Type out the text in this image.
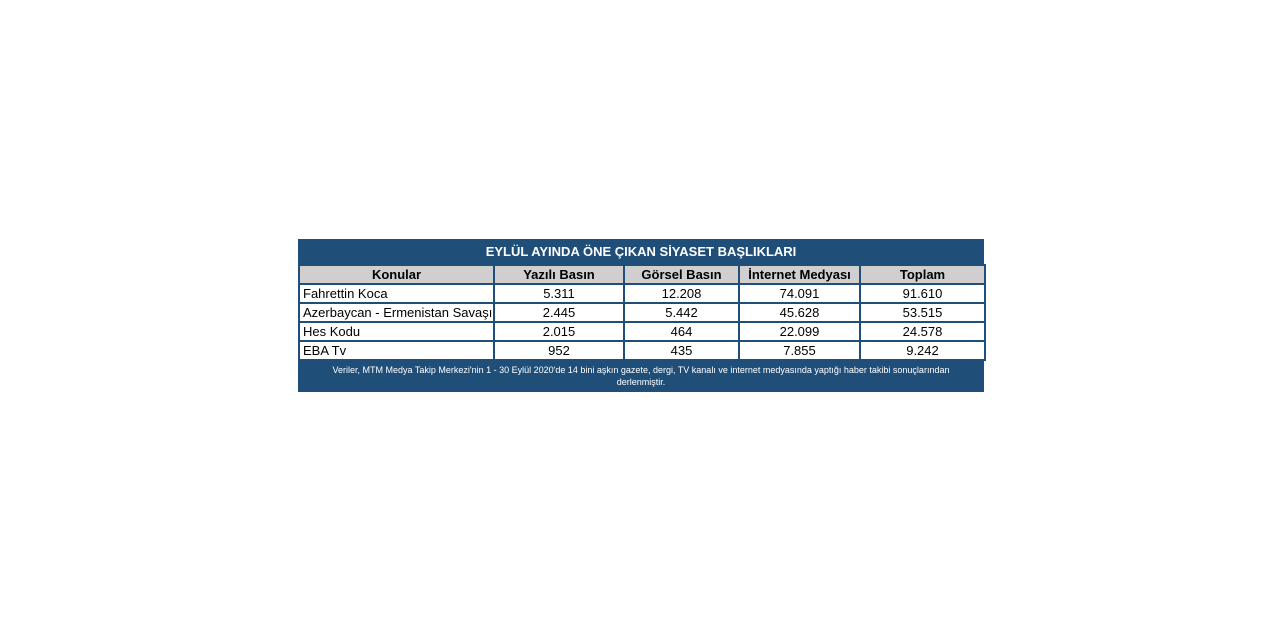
EYLÜL AYINDA ÖNE ÇIKAN SİYASET BAŞLIKLARI
Konular	Yazılı Basın	Görsel Basın	İnternet Medyası	Toplam
Fahrettin Koca	5.311	12.208	74.091	91.610
Azerbaycan - Ermenistan Savaşı	2.445	5.442	45.628	53.515
Hes Kodu	2.015	464	22.099	24.578
EBA Tv	952	435	7.855	9.242
Veriler, MTM Medya Takip Merkezi'nin 1 - 30 Eylül 2020'de 14 bini aşkın gazete, dergi, TV kanalı ve internet medyasında yaptığı haber takibi sonuçlarından derlenmiştir.
